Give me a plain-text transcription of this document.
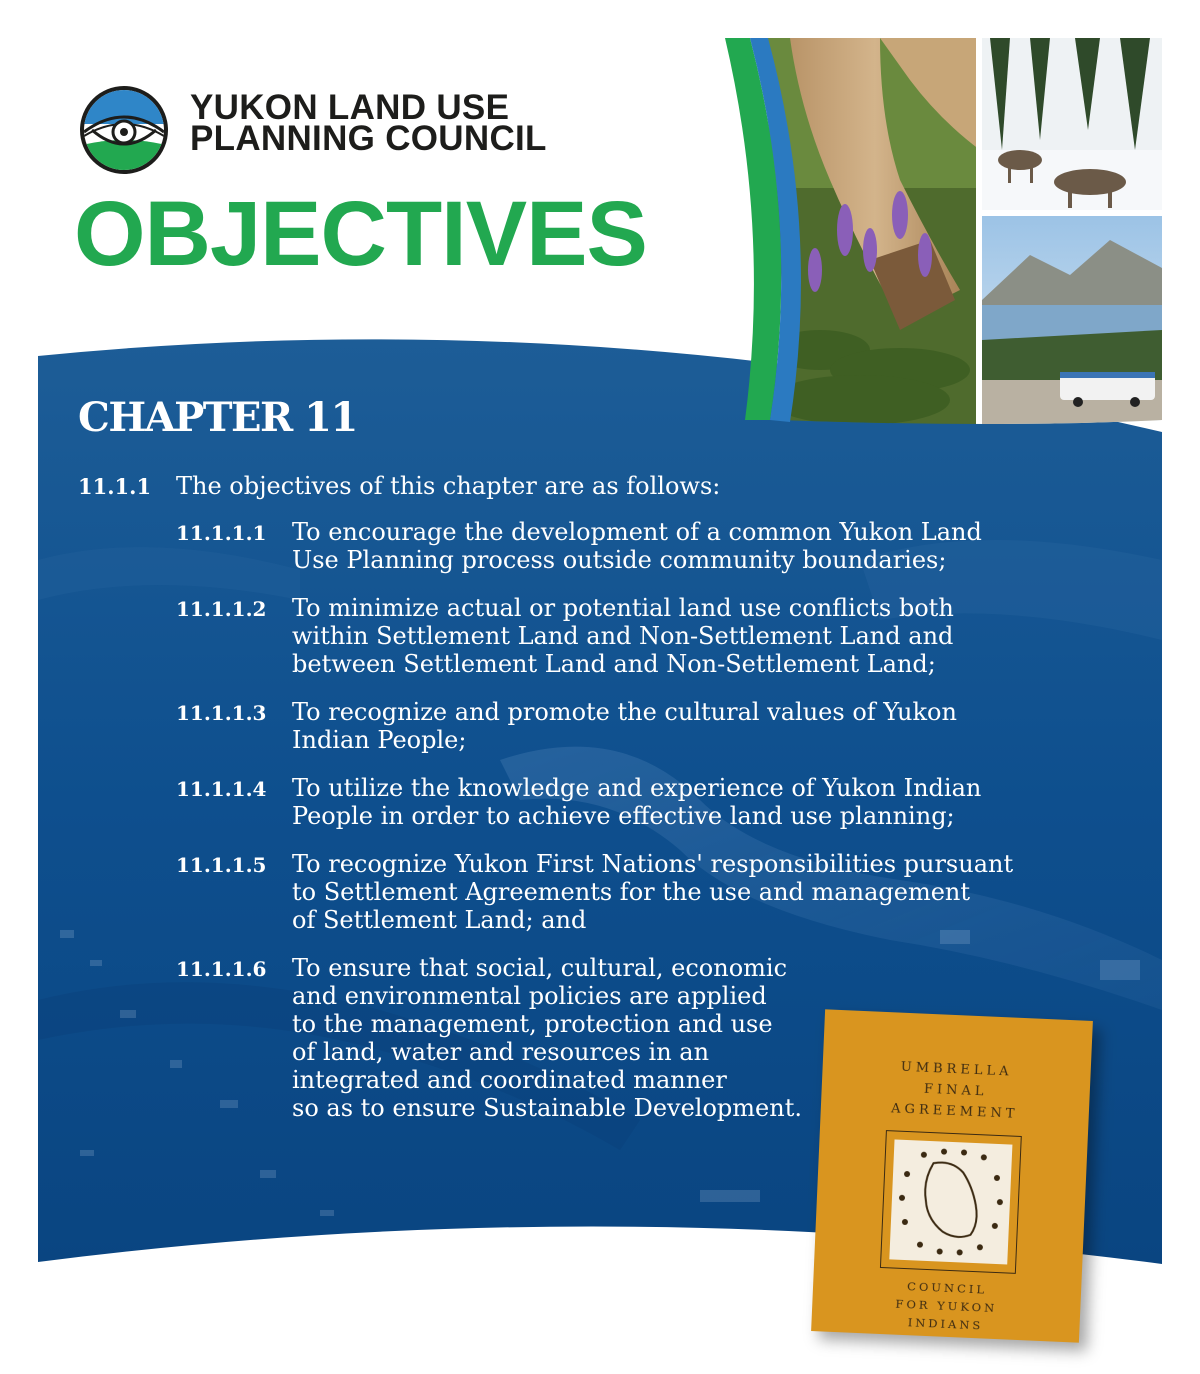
YUKON LAND USE
PLANNING COUNCIL
OBJECTIVES
CHAPTER 11
11.1.1 The objectives of this chapter are as follows:
11.1.1.1	To encourage the development of a common Yukon Land
Use Planning process outside community boundaries;
11.1.1.2	To minimize actual or potential land use conflicts both
within Settlement Land and Non-Settlement Land and
between Settlement Land and Non-Settlement Land;
11.1.1.3	To recognize and promote the cultural values of Yukon
Indian People;
11.1.1.4	To utilize the knowledge and experience of Yukon Indian
People in order to achieve effective land use planning;
11.1.1.5	To recognize Yukon First Nations' responsibilities pursuant
to Settlement Agreements for the use and management
of Settlement Land; and
11.1.1.6	To ensure that social, cultural, economic
and environmental policies are applied
to the management, protection and use
of land, water and resources in an
integrated and coordinated manner
so as to ensure Sustainable Development.
UMBRELLA
FINAL
AGREEMENT
COUNCIL
FOR YUKON
INDIANS
